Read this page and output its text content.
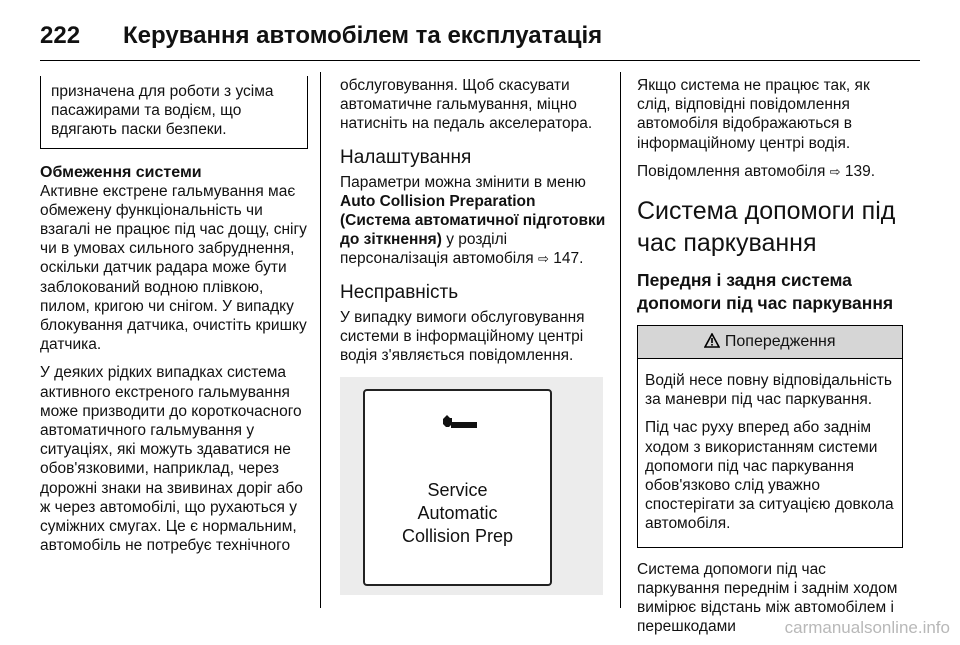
222 Керування автомобілем та експлуатація
призначена для роботи з усіма пасажирами та водієм, що вдягають паски безпеки.
Обмеження системи

Активне екстрене гальмування має обмежену функціональність чи взагалі не працює під час дощу, снігу чи в умовах сильного забруднення, оскільки датчик радара може бути заблокований водною плівкою, пилом, кригою чи снігом. У випадку блокування датчика, очистіть кришку датчика.

У деяких рідких випадках система активного екстреного гальмування може призводити до короткочасного автоматичного гальмування у ситуаціях, які можуть здаватися не обов'язковими, наприклад, через дорожні знаки на звивинах доріг або ж через автомобілі, що рухаються у суміжних смугах. Це є нормальним, автомобіль не потребує технічного

обслуговування. Щоб скасувати автоматичне гальмування, міцно натисніть на педаль акселератора.

Налаштування

Параметри можна змінити в меню Auto Collision Preparation (Система автоматичної підготовки до зіткнення) у розділі персоналізація автомобіля ⇨ 147.

Несправність

У випадку вимоги обслуговування системи в інформаційному центрі водія з'являється повідомлення.

Service
Automatic
Collision Prep

Якщо система не працює так, як слід, відповідні повідомлення автомобіля відображаються в інформаційному центрі водія.

Повідомлення автомобіля ⇨ 139.

Система допомоги під час паркування
Передня і задня система допомоги під час паркування
Попередження

Водій несе повну відповідальність за маневри під час паркування.

Під час руху вперед або заднім ходом з використанням системи допомоги під час паркування обов'язково слід уважно спостерігати за ситуацією довкола автомобіля.

Система допомоги під час паркування переднім і заднім ходом вимірює відстань між автомобілем і перешкодами	carmanualsonline.info
